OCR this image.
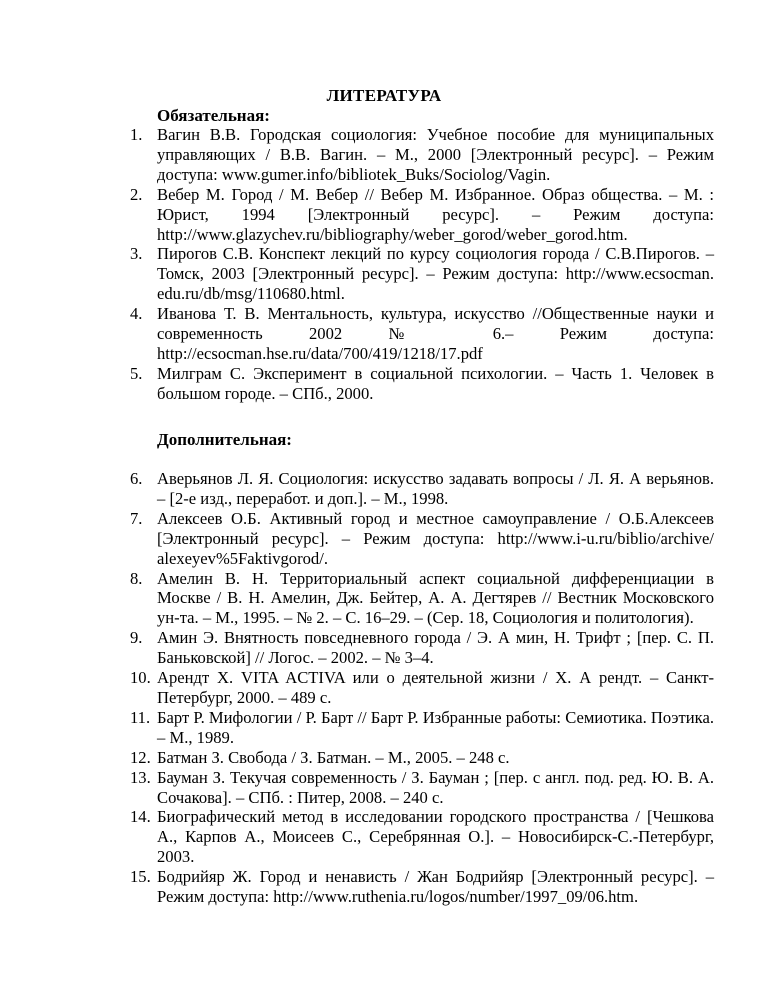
ЛИТЕРАТУРА
Обязательная:
1. Вагин В.В. Городская социология: Учебное пособие для муниципальных управляющих / В.В. Вагин. – М., 2000 [Электронный ресурс]. – Режим доступа: www.gumer.info/bibliotek_Buks/Sociolog/Vagin.
2. Вебер М. Город / М. Вебер // Вебер М. Избранное. Образ общества. – М. : Юрист, 1994 [Электронный ресурс]. – Режим доступа: http://www.glazychev.ru/bibliography/weber_gorod/weber_gorod.htm.
3. Пирогов С.В. Конспект лекций по курсу социология города / С.В.Пирогов. – Томск, 2003 [Электронный ресурс]. – Режим доступа: http://www.ecsocman. edu.ru/db/msg/110680.html.
4. Иванова Т. В. Ментальность, культура, искусство //Общественные науки и современность 2002 № 6.– Режим доступа: http://ecsocman.hse.ru/data/700/419/1218/17.pdf
5. Милграм С. Эксперимент в социальной психологии. – Часть 1. Человек в большом городе. – СПб., 2000.
Дополнительная:
6. Аверьянов Л. Я. Социология: искусство задавать вопросы / Л. Я. А верьянов. – [2-е изд., переработ. и доп.]. – М., 1998.
7. Алексеев О.Б. Активный город и местное самоуправление / О.Б.Алексеев [Электронный ресурс]. – Режим доступа: http://www.i-u.ru/biblio/archive/ alexeyev%5Faktivgorod/.
8. Амелин В. Н. Территориальный аспект социальной дифференциации в Москве / В. Н. Амелин, Дж. Бейтер, А. А. Дегтярев // Вестник Московского ун-та. – М., 1995. – № 2. – С. 16–29. – (Сер. 18, Социология и политология).
9. Амин Э. Внятность повседневного города / Э. А мин, Н. Трифт ; [пер. С. П. Баньковской] // Логос. – 2002. – № 3–4.
10. Арендт Х. VITA ACTIVA или о деятельной жизни / Х. А рендт. – Санкт-Петербург, 2000. – 489 с.
11. Барт Р. Мифологии / Р. Барт // Барт Р. Избранные работы: Семиотика. Поэтика. – М., 1989.
12. Батман З. Свобода / З. Батман. – М., 2005. – 248 с.
13. Бауман З. Текучая современность / З. Бауман ; [пер. с англ. под. ред. Ю. В. А. Сочакова]. – СПб. : Питер, 2008. – 240 с.
14. Биографический метод в исследовании городского пространства / [Чешкова А., Карпов А., Моисеев С., Серебрянная О.]. – Новосибирск-С.-Петербург, 2003.
15. Бодрийяр Ж. Город и ненависть / Жан Бодрийяр [Электронный ресурс]. – Режим доступа: http://www.ruthenia.ru/logos/number/1997_09/06.htm.
